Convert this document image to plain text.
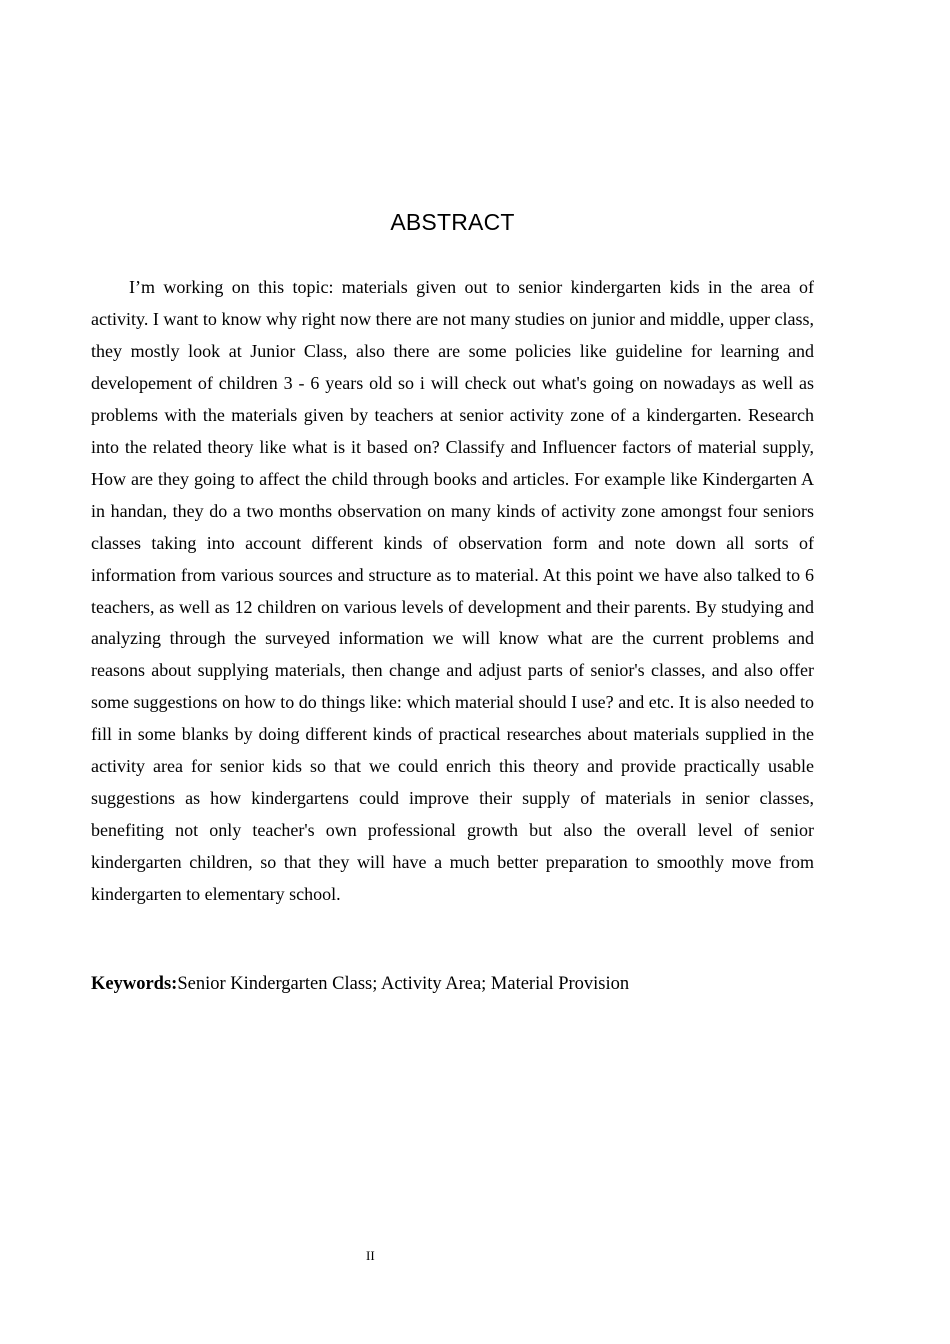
ABSTRACT

I’m working on this topic: materials given out to senior kindergarten kids in the area of activity. I want to know why right now there are not many studies on junior and middle, upper class, they mostly look at Junior Class, also there are some policies like guideline for learning and developement of children 3 - 6 years old so i will check out what's going on nowadays as well as problems with the materials given by teachers at senior activity zone of a kindergarten. Research into the related theory like what is it based on? Classify and Influencer factors of material supply, How are they going to affect the child through books and articles. For example like Kindergarten A in handan, they do a two months observation on many kinds of activity zone amongst four seniors classes taking into account different kinds of observation form and note down all sorts of information from various sources and structure as to material. At this point we have also talked to 6 teachers, as well as 12 children on various levels of development and their parents. By studying and analyzing through the surveyed information we will know what are the current problems and reasons about supplying materials, then change and adjust parts of senior's classes, and also offer some suggestions on how to do things like: which material should I use? and etc. It is also needed to fill in some blanks by doing different kinds of practical researches about materials supplied in the activity area for senior kids so that we could enrich this theory and provide practically usable suggestions as how kindergartens could improve their supply of materials in senior classes, benefiting not only teacher's own professional growth but also the overall level of senior kindergarten children, so that they will have a much better preparation to smoothly move from kindergarten to elementary school.

Keywords:Senior Kindergarten Class; Activity Area; Material Provision

II
